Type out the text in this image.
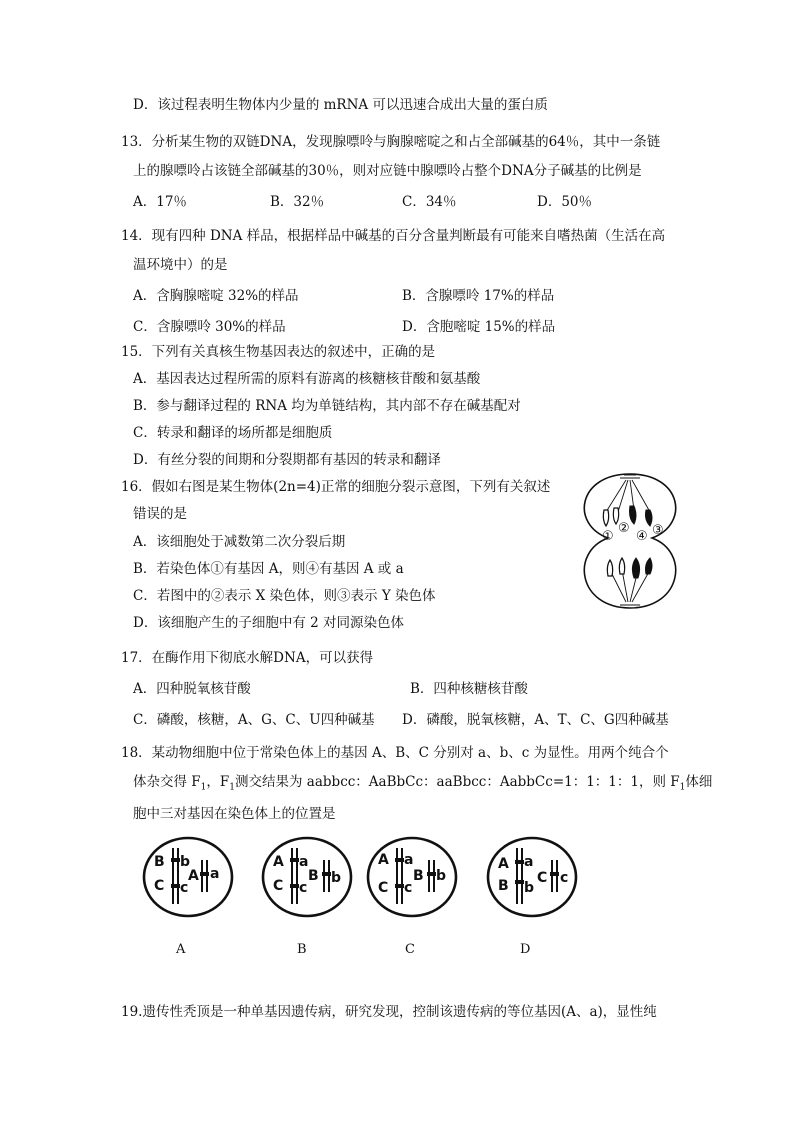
D．该过程表明生物体内少量的 mRNA 可以迅速合成出大量的蛋白质
13．分析某生物的双链DNA，发现腺嘌呤与胸腺嘧啶之和占全部碱基的64％，其中一条链
上的腺嘌呤占该链全部碱基的30％，则对应链中腺嘌呤占整个DNA分子碱基的比例是
A．17％	B．32％	C．34％	D．50％
14．现有四种 DNA 样品，根据样品中碱基的百分含量判断最有可能来自嗜热菌（生活在高
温环境中）的是
A．含胸腺嘧啶 32%的样品	B．含腺嘌呤 17%的样品
C．含腺嘌呤 30%的样品	D．含胞嘧啶 15%的样品
15．下列有关真核生物基因表达的叙述中，正确的是
A．基因表达过程所需的原料有游离的核糖核苷酸和氨基酸
B．参与翻译过程的 RNA 均为单链结构，其内部不存在碱基配对
C．转录和翻译的场所都是细胞质
D．有丝分裂的间期和分裂期都有基因的转录和翻译
16．假如右图是某生物体(2n=4)正常的细胞分裂示意图，下列有关叙述
错误的是
A．该细胞处于减数第二次分裂后期
B．若染色体①有基因 A，则④有基因 A 或 a
C．若图中的②表示 X 染色体，则③表示 Y 染色体
D．该细胞产生的子细胞中有 2 对同源染色体
①
②
④ ③
17．在酶作用下彻底水解DNA，可以获得
A．四种脱氧核苷酸	B．四种核糖核苷酸
C．磷酸，核糖，A、G、C、U四种碱基 D．磷酸，脱氧核糖，A、T、C、G四种碱基
18．某动物细胞中位于常染色体上的基因 A、B、C 分别对 a、b、c 为显性。用两个纯合个
体杂交得 $F_1$，$F_1$测交结果为 aabbcc：AaBbCc：aaBbcc：AabbCc=1：1：1：1，则 $F_1$体细
胞中三对基因在染色体上的位置是
B b
C c
A a
A a
C c
B b
A a
C c
B b
A a
B b
C c
A	B	C	D
19.遗传性秃顶是一种单基因遗传病，研究发现，控制该遗传病的等位基因(A、a)，显性纯
